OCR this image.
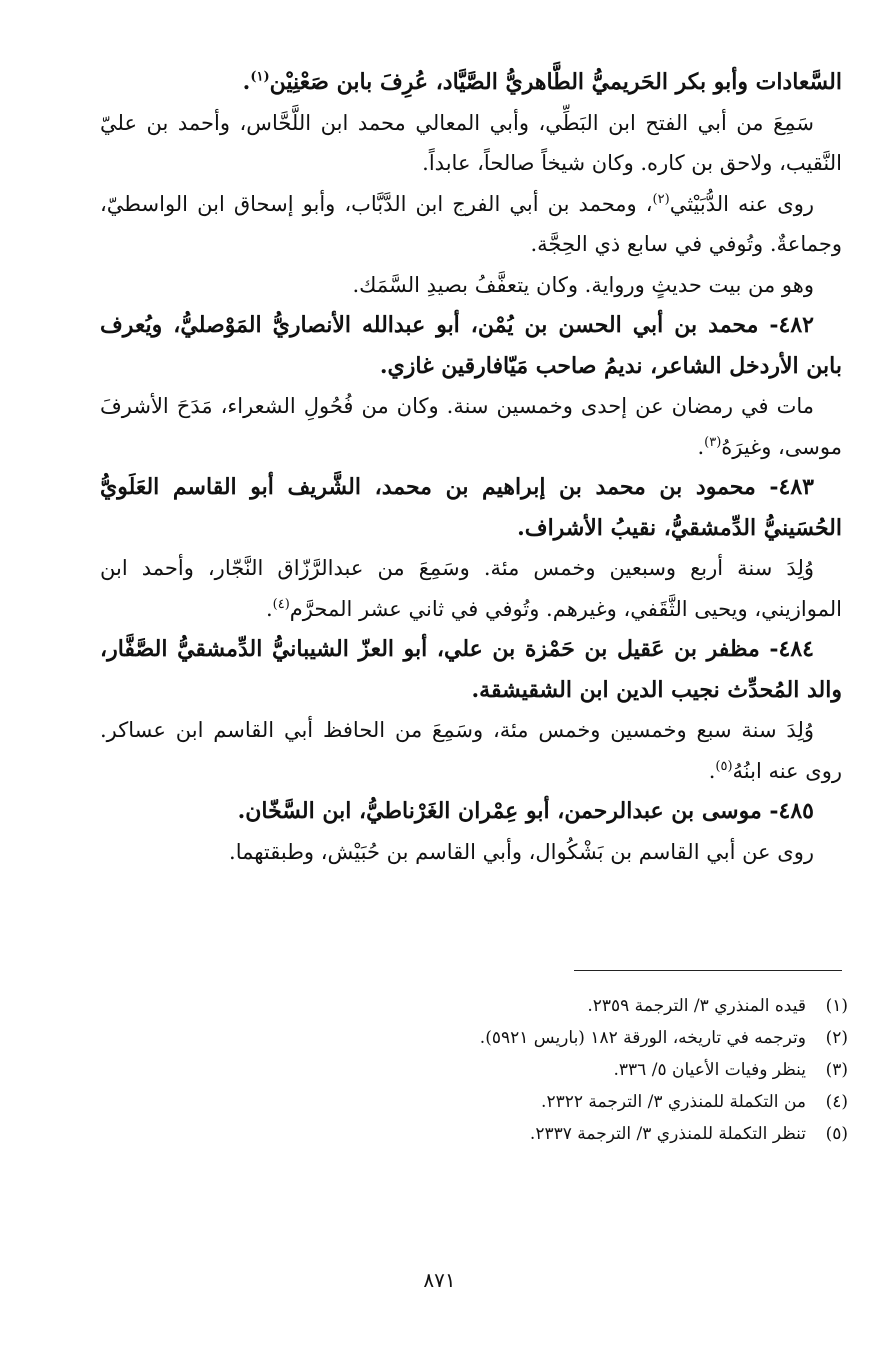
السَّعادات وأبو بكر الحَريميُّ الطَّاهريُّ الصَّيَّاد، عُرِفَ بابن صَعْنِيْن$^{(١)}$.

سَمِعَ من أبي الفتح ابن البَطِّي، وأبي المعالي محمد ابن اللَّحَّاس، وأحمد بن عليّ النَّقيب، ولاحق بن كاره. وكان شيخاً صالحاً، عابداً.

روى عنه الدُّبَيْثي$^{(٢)}$، ومحمد بن أبي الفرج ابن الدَّبَّاب، وأبو إسحاق ابن الواسطيّ، وجماعةٌ. وتُوفي في سابع ذي الحِجَّة.

وهو من بيت حديثٍ ورواية. وكان يتعفَّفُ بصيدِ السَّمَك.

٤٨٢- محمد بن أبي الحسن بن يُمْن، أبو عبدالله الأنصاريُّ المَوْصليُّ، ويُعرف بابن الأردخل الشاعر، نديمُ صاحب مَيّافارقين غازي.

مات في رمضان عن إحدى وخمسين سنة. وكان من فُحُولِ الشعراء، مَدَحَ الأشرفَ موسى، وغيرَهُ$^{(٣)}$.

٤٨٣- محمود بن محمد بن إبراهيم بن محمد، الشَّريف أبو القاسم العَلَويُّ الحُسَينيُّ الدِّمشقيُّ، نقيبُ الأشراف.

وُلِدَ سنة أربع وسبعين وخمس مئة. وسَمِعَ من عبدالرَّزّاق النَّجّار، وأحمد ابن الموازيني، ويحيى الثَّقَفي، وغيرهم. وتُوفي في ثاني عشر المحرَّم$^{(٤)}$.

٤٨٤- مظفر بن عَقيل بن حَمْزة بن علي، أبو العزّ الشيبانيُّ الدِّمشقيُّ الصَّفَّار، والد المُحدِّث نجيب الدين ابن الشقيشقة.

وُلِدَ سنة سبع وخمسين وخمس مئة، وسَمِعَ من الحافظ أبي القاسم ابن عساكر. روى عنه ابنُهُ$^{(٥)}$.

٤٨٥- موسى بن عبدالرحمن، أبو عِمْران الغَرْناطيُّ، ابن السَّخّان.

روى عن أبي القاسم بن بَشْكُوال، وأبي القاسم بن حُبَيْش، وطبقتهما.

(١)
قيده المنذري ٣/ الترجمة ٢٣٥٩.
(٢)
وترجمه في تاريخه، الورقة ١٨٢ (باريس ٥٩٢١).
(٣)
ينظر وفيات الأعيان ٥/ ٣٣٦.
(٤)
من التكملة للمنذري ٣/ الترجمة ٢٣٢٢.
(٥)
تنظر التكملة للمنذري ٣/ الترجمة ٢٣٣٧.
٨٧١
